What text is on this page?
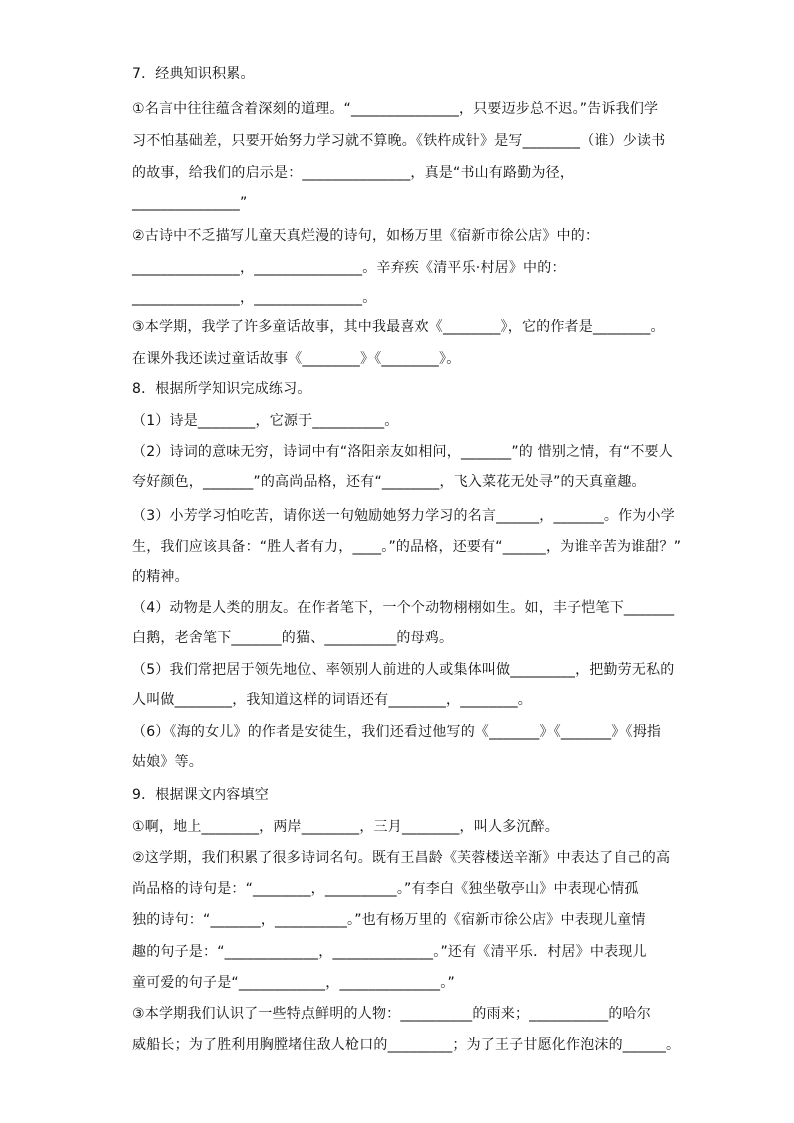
7．经典知识积累。
①名言中往往蕴含着深刻的道理。“_______________，只要迈步总不迟。”告诉我们学
习不怕基础差，只要开始努力学习就不算晚。《铁杵成针》是写________（谁）少读书
的故事，给我们的启示是：_______________，真是“书山有路勤为径，
_______________”
②古诗中不乏描写儿童天真烂漫的诗句，如杨万里《宿新市徐公店》中的：
_______________，_______________。辛弃疾《清平乐·村居》中的：
_______________，_______________。
③本学期，我学了许多童话故事，其中我最喜欢《________》，它的作者是________。
在课外我还读过童话故事《________》《________》。
8．根据所学知识完成练习。
（1）诗是________，它源于__________。
（2）诗词的意味无穷，诗词中有“洛阳亲友如相问，_______”的 惜别之情，有“不要人
夸好颜色，_______”的高尚品格，还有“________，飞入菜花无处寻”的天真童趣。
（3）小芳学习怕吃苦，请你送一句勉励她努力学习的名言______，_______。作为小学
生，我们应该具备：“胜人者有力，____。”的品格，还要有“______，为谁辛苦为谁甜？”
的精神。
（4）动物是人类的朋友。在作者笔下，一个个动物栩栩如生。如，丰子恺笔下_______
白鹅，老舍笔下_______的猫、__________的母鸡。
（5）我们常把居于领先地位、率领别人前进的人或集体叫做_________，把勤劳无私的
人叫做________，我知道这样的词语还有________，________。
（6）《海的女儿》的作者是安徒生，我们还看过他写的《_______》《_______》《拇指
姑娘》等。
9．根据课文内容填空
①啊，地上________，两岸________，三月________，叫人多沉醉。
②这学期，我们积累了很多诗词名句。既有王昌龄《芙蓉楼送辛渐》中表达了自己的高
尚品格的诗句是：“________，__________。”有李白《独坐敬亭山》中表现心情孤
独的诗句：“_______，__________。”也有杨万里的《宿新市徐公店》中表现儿童情
趣的句子是：“_____________，______________。”还有《清平乐．村居》中表现儿
童可爱的句子是“____________，______________。”
③本学期我们认识了一些特点鲜明的人物：__________的雨来；___________的哈尔
威船长；为了胜利用胸膛堵住敌人枪口的_________；为了王子甘愿化作泡沫的______。
